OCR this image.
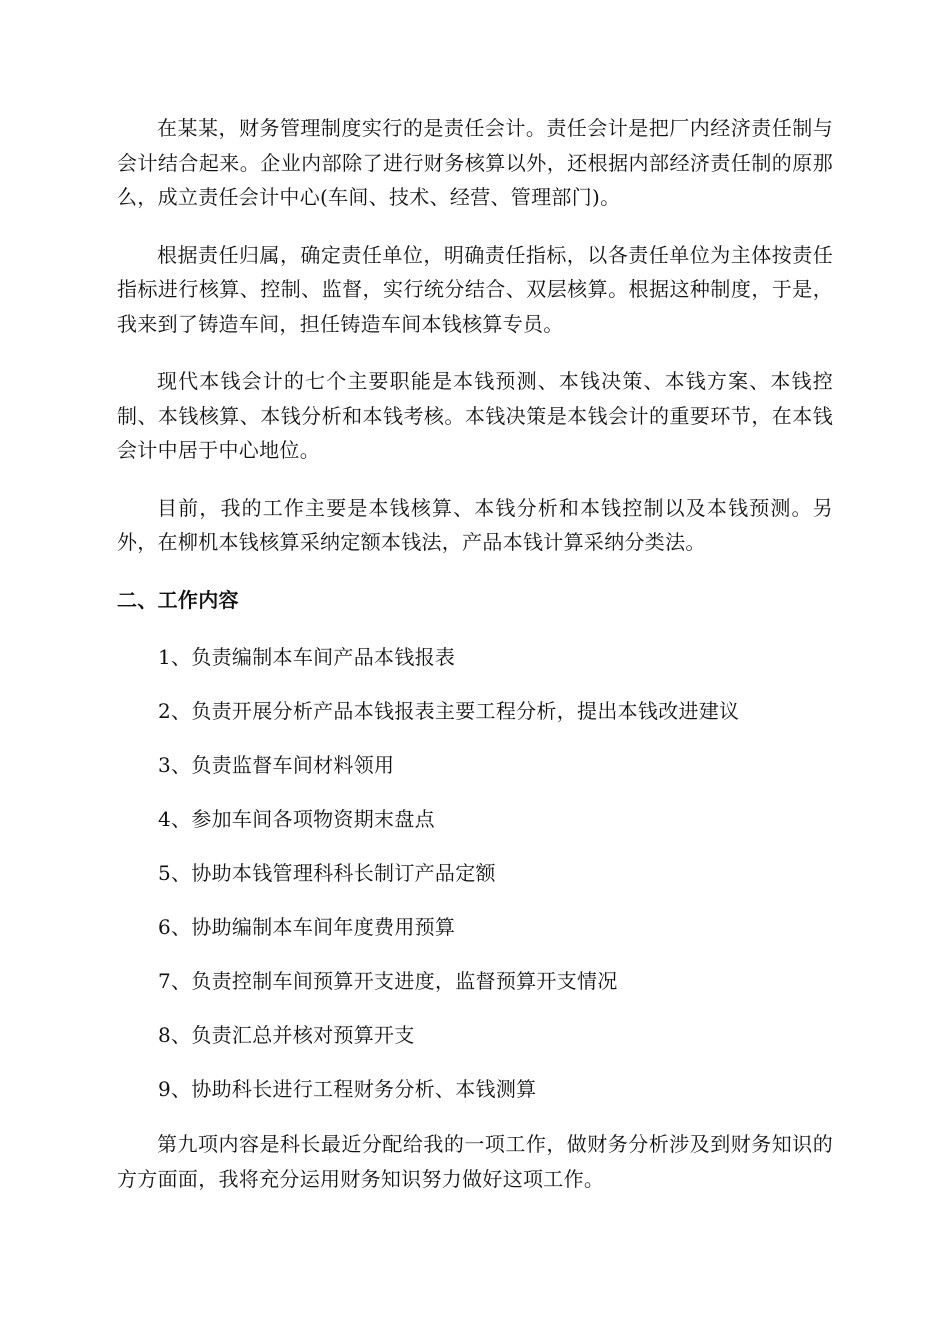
在某某，财务管理制度实行的是责任会计。责任会计是把厂内经济责任制与会计结合起来。企业内部除了进行财务核算以外，还根据内部经济责任制的原那么，成立责任会计中心(车间、技术、经营、管理部门)。

根据责任归属，确定责任单位，明确责任指标，以各责任单位为主体按责任指标进行核算、控制、监督，实行统分结合、双层核算。根据这种制度，于是，我来到了铸造车间，担任铸造车间本钱核算专员。

现代本钱会计的七个主要职能是本钱预测、本钱决策、本钱方案、本钱控制、本钱核算、本钱分析和本钱考核。本钱决策是本钱会计的重要环节，在本钱会计中居于中心地位。

目前，我的工作主要是本钱核算、本钱分析和本钱控制以及本钱预测。另外，在柳机本钱核算采纳定额本钱法，产品本钱计算采纳分类法。

二、工作内容
1、负责编制本车间产品本钱报表
2、负责开展分析产品本钱报表主要工程分析，提出本钱改进建议
3、负责监督车间材料领用
4、参加车间各项物资期末盘点
5、协助本钱管理科科长制订产品定额
6、协助编制本车间年度费用预算
7、负责控制车间预算开支进度，监督预算开支情况
8、负责汇总并核对预算开支
9、协助科长进行工程财务分析、本钱测算

第九项内容是科长最近分配给我的一项工作，做财务分析涉及到财务知识的方方面面，我将充分运用财务知识努力做好这项工作。
